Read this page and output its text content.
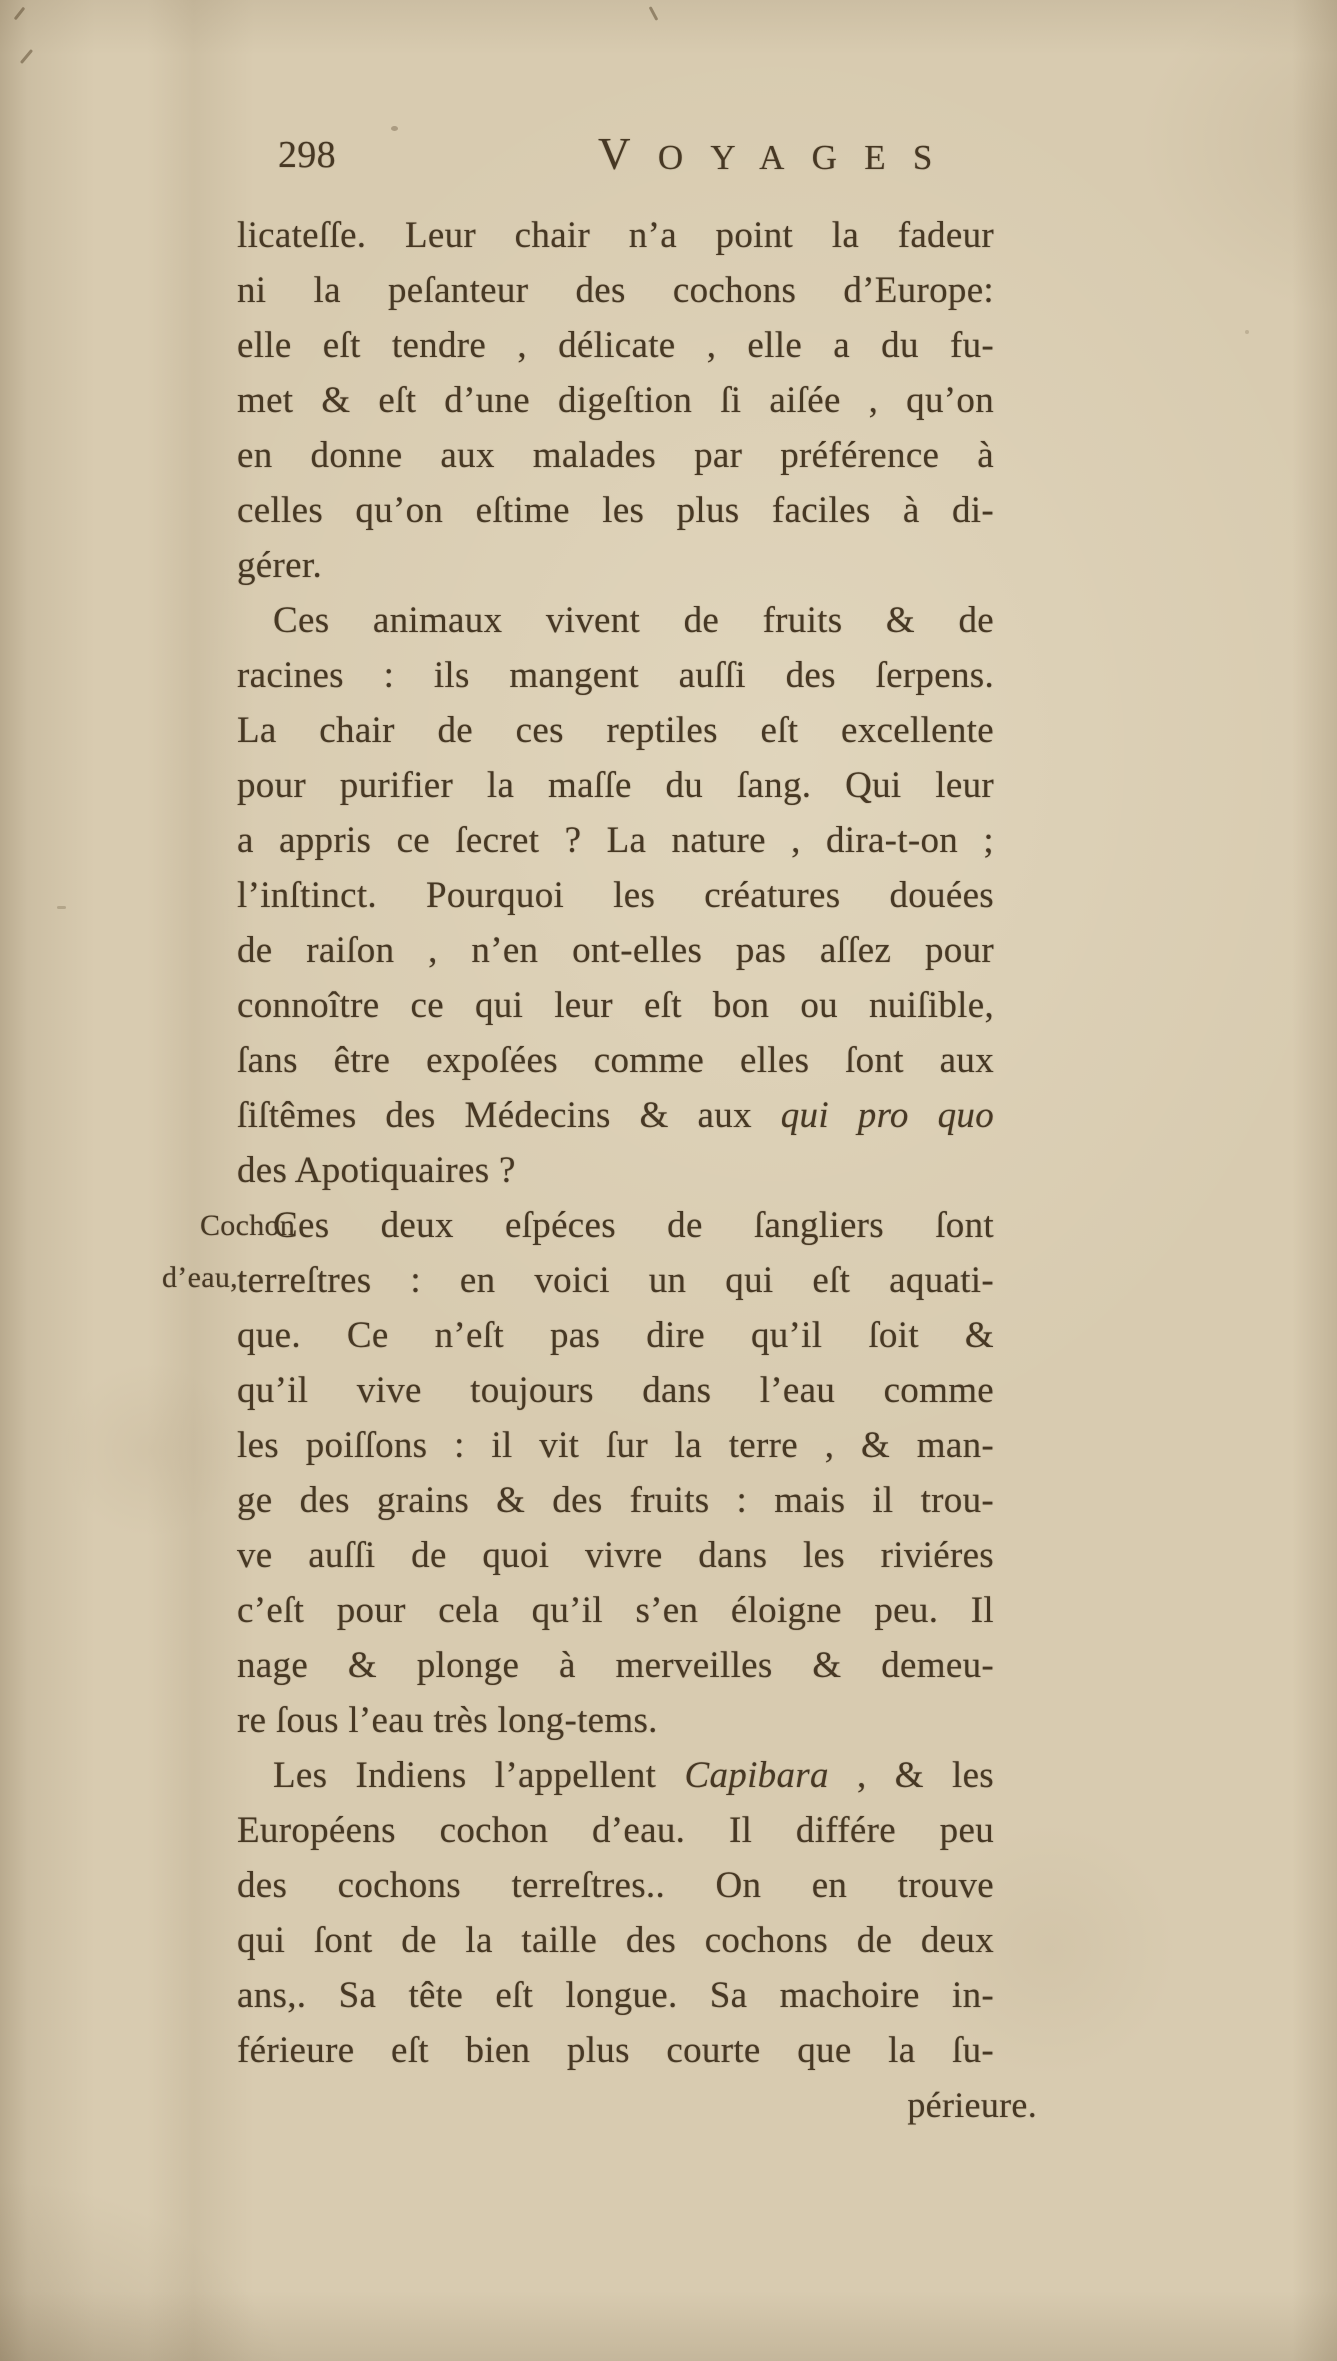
298	VOYAGES
Cochon
d’eau,
licateſſe. Leur chair n’a point la fadeur
ni la peſanteur des cochons d’Europe:
elle eſt tendre , délicate , elle a du fu-
met & eſt d’une digeſtion ſi aiſée , qu’on
en donne aux malades par préférence à
celles qu’on eſtime les plus faciles à di-
gérer.
Ces animaux vivent de fruits & de
racines : ils mangent auſſi des ſerpens.
La chair de ces reptiles eſt excellente
pour purifier la maſſe du ſang. Qui leur
a appris ce ſecret ? La nature , dira-t-on ;
l’inſtinct. Pourquoi les créatures douées
de raiſon , n’en ont-elles pas aſſez pour
connoître ce qui leur eſt bon ou nuiſible,
ſans être expoſées comme elles ſont aux
ſiſtêmes des Médecins & aux qui pro quo
des Apotiquaires ?
Ces deux eſpéces de ſangliers ſont
terreſtres : en voici un qui eſt aquati-
que. Ce n’eſt pas dire qu’il ſoit &
qu’il vive toujours dans l’eau comme
les poiſſons : il vit ſur la terre , & man-
ge des grains & des fruits : mais il trou-
ve auſſi de quoi vivre dans les riviéres
c’eſt pour cela qu’il s’en éloigne peu. Il
nage & plonge à merveilles & demeu-
re ſous l’eau très long-tems.
Les Indiens l’appellent Capibara , & les
Européens cochon d’eau. Il différe peu
des cochons terreſtres.. On en trouve
qui ſont de la taille des cochons de deux
ans,. Sa tête eſt longue. Sa machoire in-
férieure eſt bien plus courte que la ſu-
périeure.
